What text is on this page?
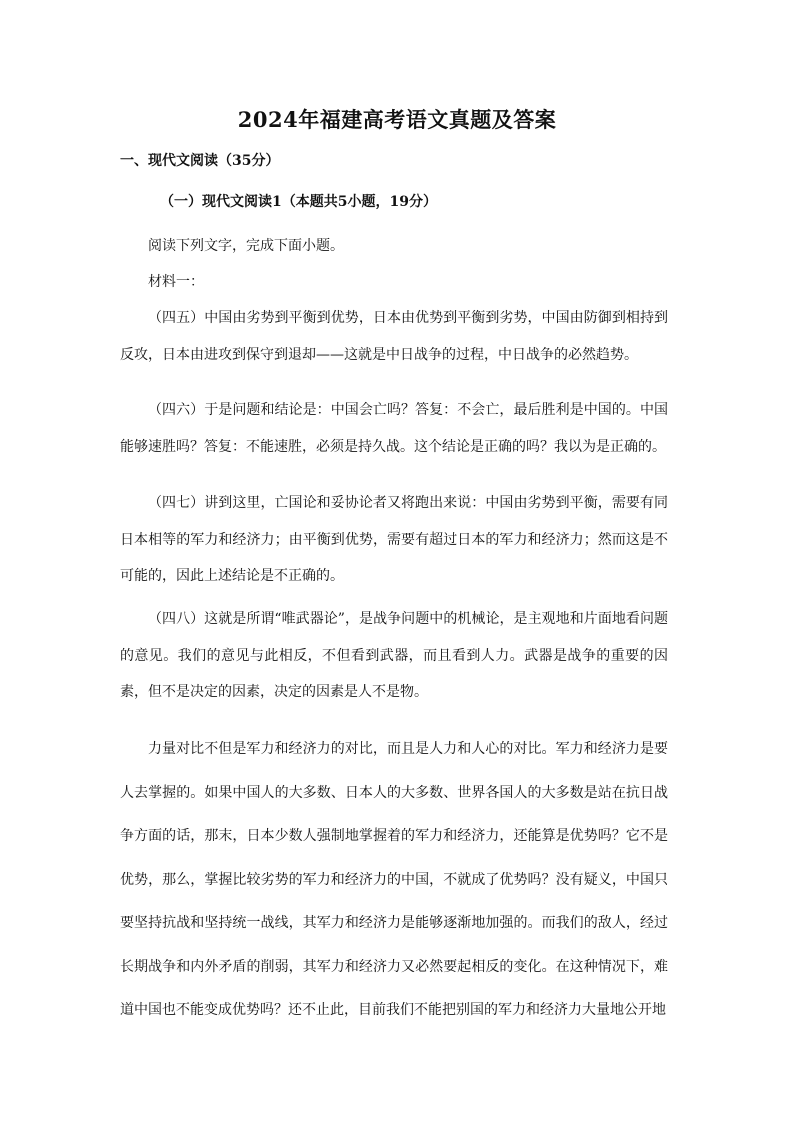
2024年福建高考语文真题及答案
一、现代文阅读（35分）
（一）现代文阅读1（本题共5小题，19分）

阅读下列文字，完成下面小题。

材料一：

（四五）中国由劣势到平衡到优势，日本由优势到平衡到劣势，中国由防御到相持到反攻，日本由进攻到保守到退却——这就是中日战争的过程，中日战争的必然趋势。

（四六）于是问题和结论是：中国会亡吗？答复：不会亡，最后胜利是中国的。中国能够速胜吗？答复：不能速胜，必须是持久战。这个结论是正确的吗？我以为是正确的。

（四七）讲到这里，亡国论和妥协论者又将跑出来说：中国由劣势到平衡，需要有同日本相等的军力和经济力；由平衡到优势，需要有超过日本的军力和经济力；然而这是不可能的，因此上述结论是不正确的。

（四八）这就是所谓“唯武器论”，是战争问题中的机械论，是主观地和片面地看问题的意见。我们的意见与此相反，不但看到武器，而且看到人力。武器是战争的重要的因素，但不是决定的因素，决定的因素是人不是物。

力量对比不但是军力和经济力的对比，而且是人力和人心的对比。军力和经济力是要人去掌握的。如果中国人的大多数、日本人的大多数、世界各国人的大多数是站在抗日战争方面的话，那末，日本少数人强制地掌握着的军力和经济力，还能算是优势吗？它不是优势，那么，掌握比较劣势的军力和经济力的中国，不就成了优势吗？没有疑义，中国只要坚持抗战和坚持统一战线，其军力和经济力是能够逐渐地加强的。而我们的敌人，经过长期战争和内外矛盾的削弱，其军力和经济力又必然要起相反的变化。在这种情况下，难道中国也不能变成优势吗？还不止此，目前我们不能把别国的军力和经济力大量地公开地
